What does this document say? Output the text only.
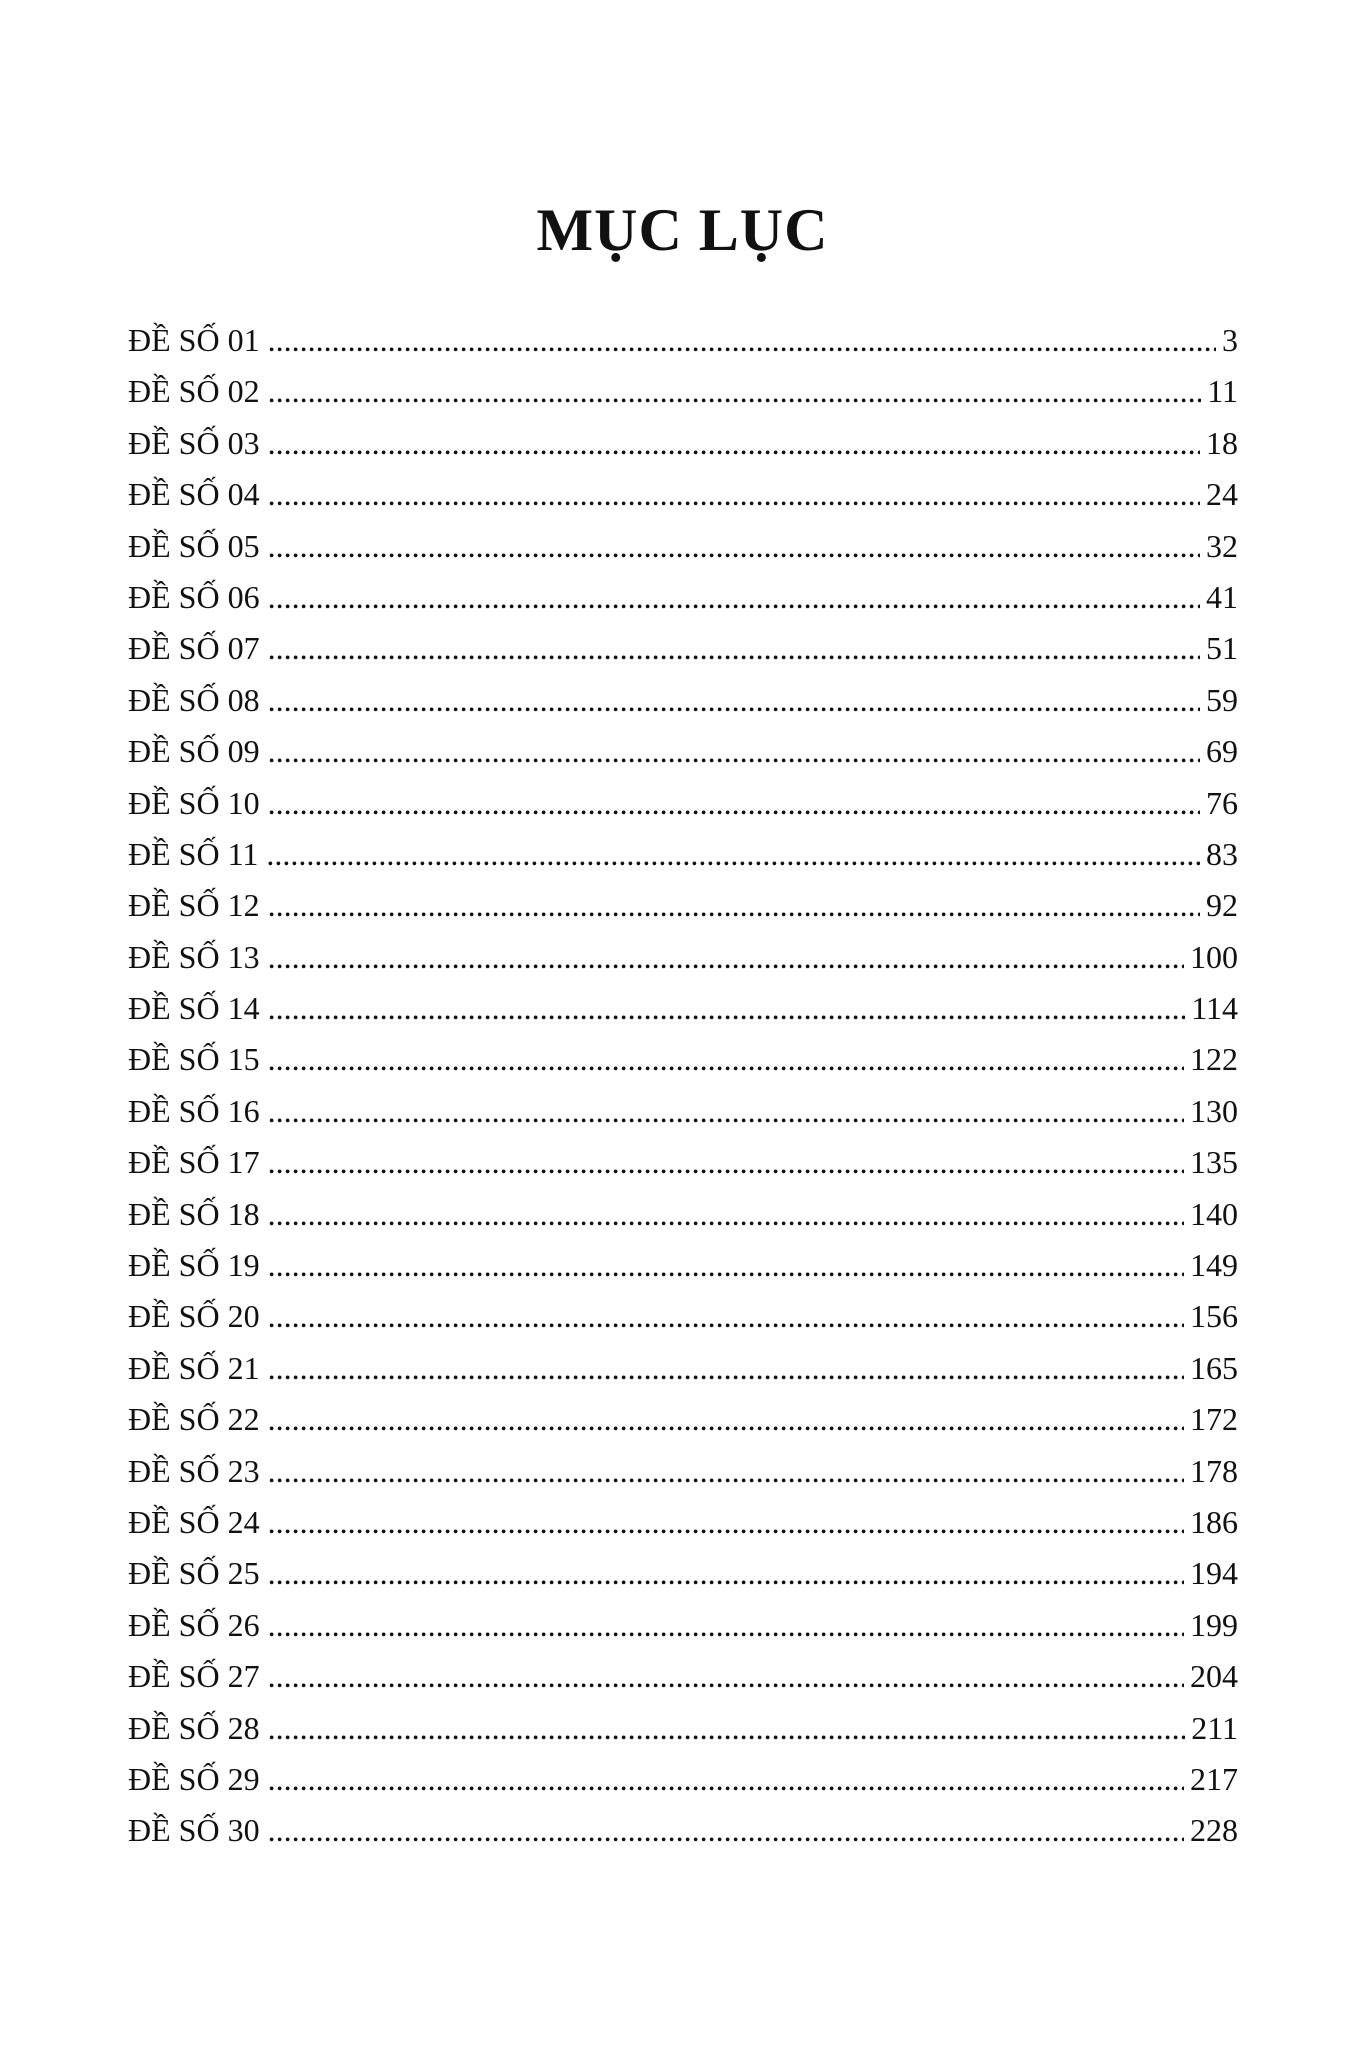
MỤC LỤC
ĐỀ SỐ 01 .....	3
ĐỀ SỐ 02 .....	11
ĐỀ SỐ 03 .....	18
ĐỀ SỐ 04 .....	24
ĐỀ SỐ 05 .....	32
ĐỀ SỐ 06 .....	41
ĐỀ SỐ 07 .....	51
ĐỀ SỐ 08 .....	59
ĐỀ SỐ 09 .....	69
ĐỀ SỐ 10 .....	76
ĐỀ SỐ 11 .....	83
ĐỀ SỐ 12 .....	92
ĐỀ SỐ 13 .....	100
ĐỀ SỐ 14 .....	114
ĐỀ SỐ 15 .....	122
ĐỀ SỐ 16 .....	130
ĐỀ SỐ 17 .....	135
ĐỀ SỐ 18 .....	140
ĐỀ SỐ 19 .....	149
ĐỀ SỐ 20 .....	156
ĐỀ SỐ 21 .....	165
ĐỀ SỐ 22 .....	172
ĐỀ SỐ 23 .....	178
ĐỀ SỐ 24 .....	186
ĐỀ SỐ 25 .....	194
ĐỀ SỐ 26 .....	199
ĐỀ SỐ 27 .....	204
ĐỀ SỐ 28 .....	211
ĐỀ SỐ 29 .....	217
ĐỀ SỐ 30 .....	228
